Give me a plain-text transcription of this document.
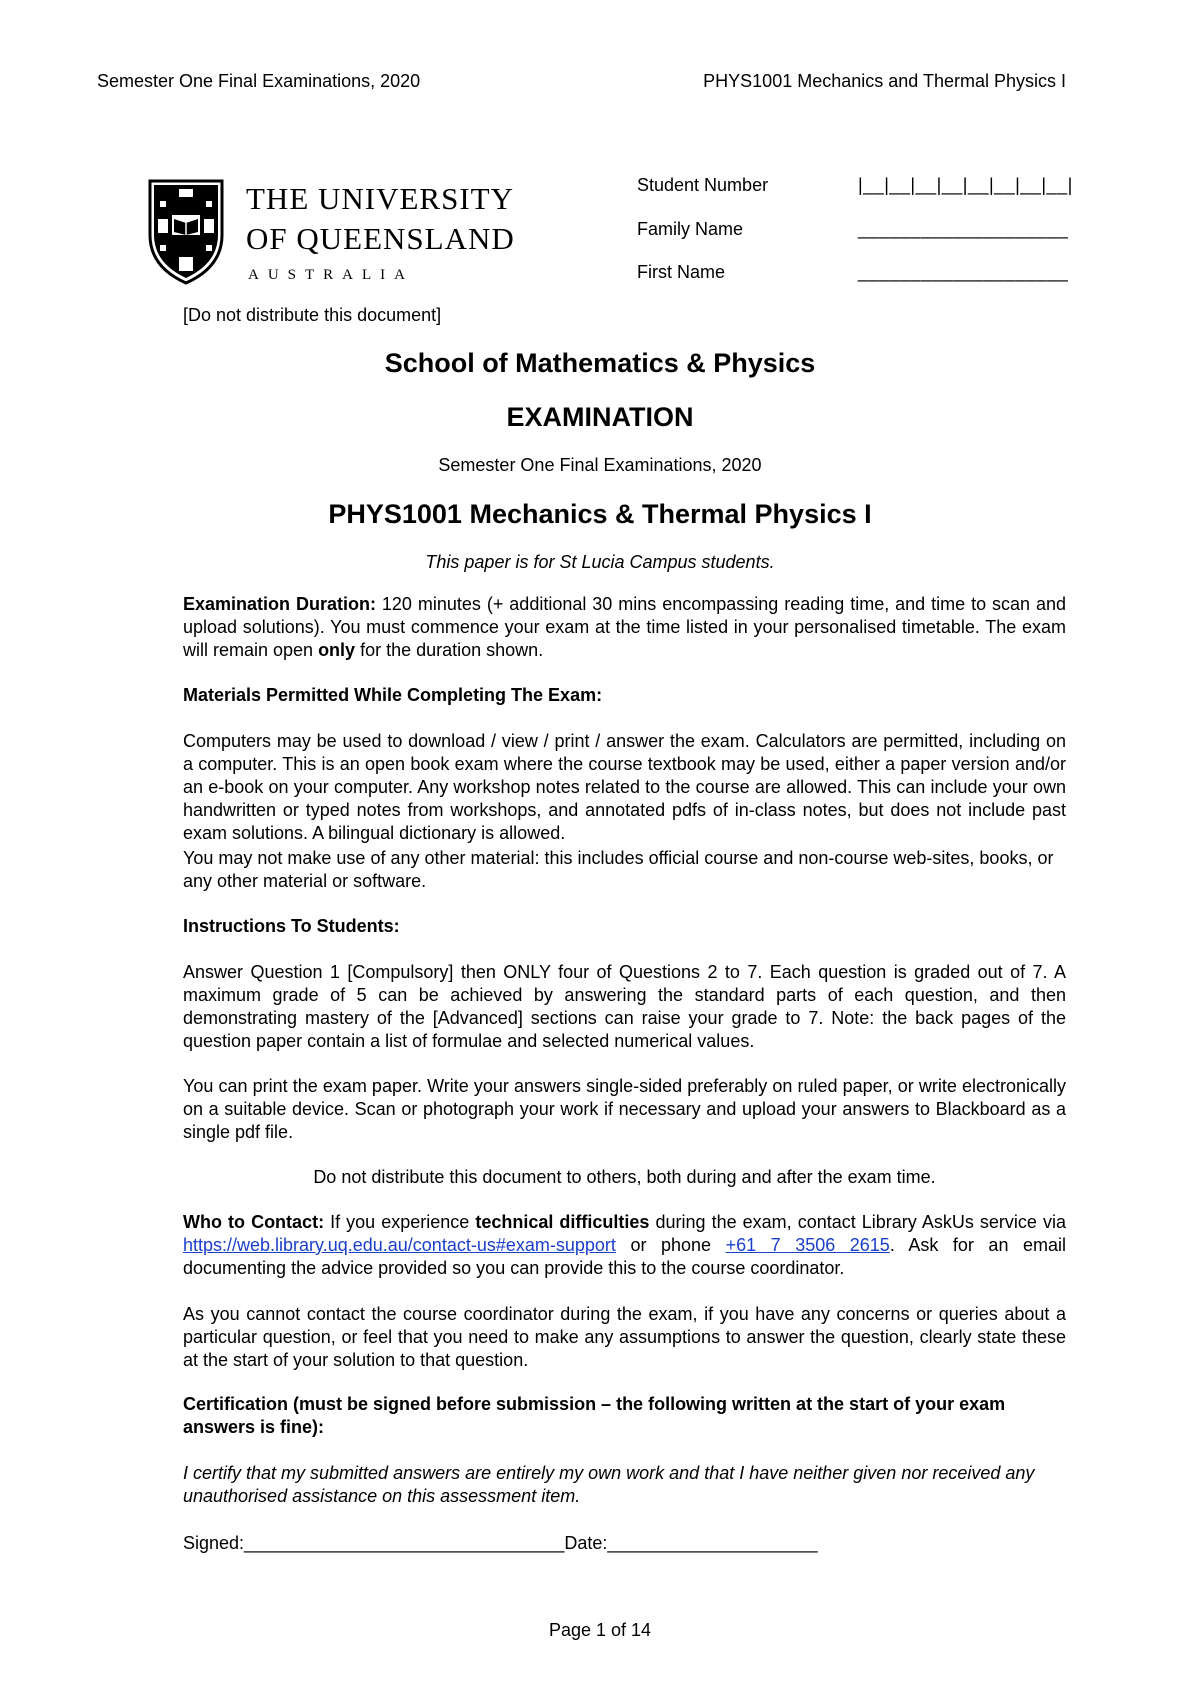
Semester One Final Examinations, 2020	PHYS1001 Mechanics and Thermal Physics I
THE UNIVERSITY
OF QUEENSLAND
AUSTRALIA
Student Number	|__|__|__|__|__|__|__|__|
Family Name	____________________
First Name	____________________
[Do not distribute this document]
School of Mathematics & Physics
EXAMINATION
Semester One Final Examinations, 2020
PHYS1001 Mechanics & Thermal Physics I
This paper is for St Lucia Campus students.
Examination Duration: 120 minutes (+ additional 30 mins encompassing reading time, and time to scan and upload solutions). You must commence your exam at the time listed in your personalised timetable. The exam will remain open only for the duration shown.
Materials Permitted While Completing The Exam:
Computers may be used to download / view / print / answer the exam. Calculators are permitted, including on a computer. This is an open book exam where the course textbook may be used, either a paper version and/or an e-book on your computer. Any workshop notes related to the course are allowed. This can include your own handwritten or typed notes from workshops, and annotated pdfs of in-class notes, but does not include past exam solutions. A bilingual dictionary is allowed.
You may not make use of any other material: this includes official course and non-course web-sites, books, or any other material or software.
Instructions To Students:
Answer Question 1 [Compulsory] then ONLY four of Questions 2 to 7. Each question is graded out of 7. A maximum grade of 5 can be achieved by answering the standard parts of each question, and then demonstrating mastery of the [Advanced] sections can raise your grade to 7. Note: the back pages of the question paper contain a list of formulae and selected numerical values.
You can print the exam paper. Write your answers single-sided preferably on ruled paper, or write electronically on a suitable device. Scan or photograph your work if necessary and upload your answers to Blackboard as a single pdf file.
Do not distribute this document to others, both during and after the exam time.
Who to Contact: If you experience technical difficulties during the exam, contact Library AskUs service via https://web.library.uq.edu.au/contact-us#exam-support or phone +61 7 3506 2615. Ask for an email documenting the advice provided so you can provide this to the course coordinator.
As you cannot contact the course coordinator during the exam, if you have any concerns or queries about a particular question, or feel that you need to make any assumptions to answer the question, clearly state these at the start of your solution to that question.
Certification (must be signed before submission – the following written at the start of your exam answers is fine):
I certify that my submitted answers are entirely my own work and that I have neither given nor received any unauthorised assistance on this assessment item.
Signed:________________________________Date:_____________________
Page 1 of 14
